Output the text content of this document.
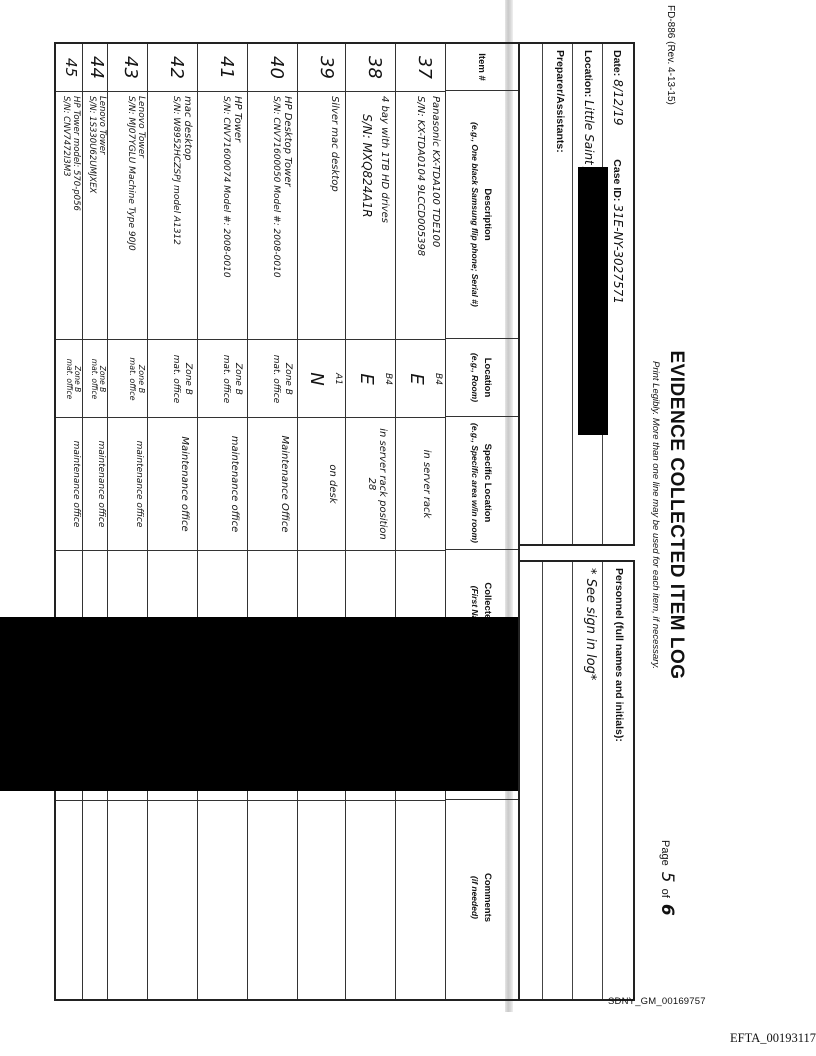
FD-886 (Rev. 4-13-15)
EVIDENCE COLLECTED ITEM LOG
Print Legibly. More than one line may be used for each item, if necessary.
Page 5 of 6
Date: 8/12/19  Case ID: 31E-NY-3027571
Location:
Preparer/Assistants:
Personnel (full names and initials):
* See sign in log*
Item #
Description
(e.g., One black Samsung flip phone; Serial #)
Location
(e.g., Room)
Specific Location
(e.g., Specific area w/in room)
Comments
(if needed)
37
Panasonic KX-TDA100 TDE100
S/N: KX-TDA0104 9LCCD005398
B4
E
in server rack
38
4 bay with 1TB HD drives
S/N: MXQ824A1R
B4
E
in server rack position 28
39
Silver mac desktop
A1
N
on desk
40
HP Desktop Tower
S/N: CNV71600050 Model #: 2008-0010
Zone B
mat. office
Maintenance Office
41
HP Tower
S/N: CNV71600074 Model #: 2008-0010
Zone B
mat. office
maintenance office
42
mac desktop
S/N: W8952HCZSPJ model A1312
Zone B
mat. office
Maintenance office
43
Lenovo Tower
S/N: MJ07YGLU Machine Type 90J0
Zone B
mat. office
maintenance office
44
Lenovo Tower
S/N: 1S330U62UMJXEX
Zone B
mat. office
maintenance office
45
HP Tower model: 570-p056
S/N: CNV7472I3M3
Zone B
mat. office
maintenance office
SDNY_GM_00169757
EFTA_00193117
